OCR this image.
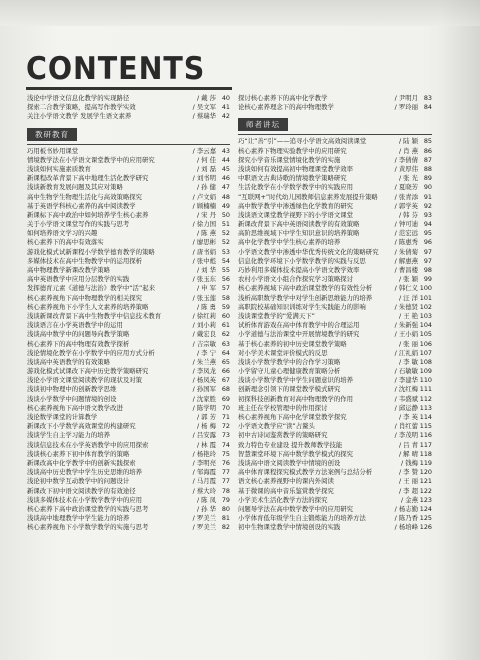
CONTENTS
浅论中学语文信息化教学的实现路径	/ 戴 莎 40
探索二合教学策略，提高写作教学实效	/ 吴文军 41
关注小学语文教学 发展学生语文素养	/ 蔡瑞华 42
教研教育
巧用板书妙用课堂	/ 李云嘉 43
情境教学法在小学语文课堂教学中的应用研究	/ 何 佳 44
浅谈如何实施素质教育	/ 刘 磊 45
新课程改革背景下高中地理生活化教学研究	/ 刘书明 46
浅谈新教育发展问题及其应对策略	/ 孙 健 47
高中生物学生物理生活化与高效策略探究	/ 卢文娟 48
基于英语学科核心素养的高中阅读教学	/ 顾楠楠 49
新课标下高中政治中如何培养学生核心素养	/ 宋 丹 50
关于小学语文课堂写作的实践与思考	/ 徐力国 51
如何培养语文学习的兴趣	/ 陈 燕 52
核心素养下的高中有效落实	/ 廖思彬 52
游戏化模式试新课程小学数学德育教学的策略	/ 唐书娟 53
多媒体技术在高中生物教学中的运用探析	/ 张中彪 54
高中物理教学新课改教学策略	/ 刘 华 55
高中英语教学中应用分层教学的实践	/ 张玉东 56
发挥德育元素《道德与法治》教学中“活”起来	/ 申 军 57
核心素养视角下高中物理教学的相关探究	/ 张玉莲 58
核心素养视角下小学生人文素养的培养策略	/ 陈 勇 59
浅谈新课改背景下高中生物教学中信息技术教育	/ 徐红莉 60
浅谈语言在小学英语教学中的运用	/ 刘小莉 61
浅谈高中数学中的问题导向教学策略	/ 戴宏良 62
核心素养下的高中物理有效教学探析	/ 吉宗敏 63
浅论情境化教学在小学数学中的应用方式分析	/ 李 宁 64
浅谈高中英语教学的有效策略	/ 朱兰燕 65
游戏化模式试课改下高中历史教学策略研究	/ 李凤龙 66
浅论小学语文课堂阅读教学的现状及对策	/ 杨凤英 67
浅谈初中物理中的创新教学思维	/ 孙国军 68
浅谈小学数学中问题情境的创设	/ 沈家胜 69
核心素养视角下高中语文教学改进	/ 陈学明 70
浅论数学课堂的计算教学	/ 郭 芳 71
新课改下小学数学高效课堂的构建研究	/ 杨 梅 72
浅谈学生自主学习能力的培养	/ 吕安露 73
浅谈信息技术在小学英语教学中的应用探索	/ 林 霞 74
浅谈核心素养下初中体育教学的策略	/ 杨艳玲 75
新课改高中化学教学中的创新实践探索	/ 李明亮 76
浅谈高中历史教学中学生历史思维的培养	/ 邹海霞 77
浅论初中数学互动教学中的问题设计	/ 马月霞 77
新课改下初中语文阅读教学的有效途径	/ 蔡大玲 78
浅谈多媒体技术在小学数学教学中的应用	/ 陈 凤 79
核心素养下高中政治课堂教学的实践与思考	/ 孙 华 80
浅谈高中地理教学中学生能力的培养	/ 罗美兰 81
核心素养视角下小学数学教学的实施与思考	/ 罗美兰 82
探讨核心素养下的高中化学教学	/ 尹明月 83
论核心素养理念下的高中物理教学	/ 罗玲丽 84
师者讲坛
巧“让”善“引”——追寻小学语文高效阅读课堂	/ 陆 颖 85
核心素养下物理实验教学中的应用研究	/ 肖 燕 86
探究小学音乐课堂情境化教学的实施	/ 李倩倩 87
浅谈如何有效提高初中物理课堂教学效率	/ 黄厚伟 88
中职语文古典诗歌的情境教学策略研究	/ 张 光 89
生活化教学在小学数学教学中的实践应用	/ 夏晓芳 90
“互联网+”时代幼儿园教师信息素养发展提升策略	/ 张青添 91
高中数学教学中渗透绿色化学教育的研究	/ 郭学英 92
浅谈语文课堂教学视野下的小学语文课堂	/ 韩 芬 93
新课改背景下高中英语阅读教学的有效策略	/ 钟可迪 94
高阶思维视域下中学生知识意识的培养策略	/ 范宏远 95
高中化学教学中学生核心素养的培养	/ 陈惠秀 96
小学语文教学中渗透中华优秀传统文化的策略研究	/ 朱倩菊 97
信息化教学环境下小学数学教学的实践与反思	/ 解惠燕 97
巧妙利用多媒体技术提高小学语文教学效率	/ 曹昌楼 98
农村小学语文小组合作探究学习策略探讨	/ 张 颖 99
核心素养视域下高中政治课堂教学的有效性分析	/ 韩仁义 100
浅析高职数学教学中对学生创新思维能力的培养	/ 汪 洋 101
高职院校基础知识训练对学生实践能力的影响	/ 朱德贤 102
浅谈课堂教学的“爱满天下”	/ 王 艳 103
试析体育游戏在高中体育教学中的合理运用	/ 朱新强 104
小学道德与法治课堂中开展情境教学的研究	/ 王小娟 105
基于核心素养的初中历史课堂教学策略	/ 张 丽 106
对小学美术课堂评价模式的反思	/ 江礼娟 107
浅谈小学数学教学中的合作学习策略	/ 李 敏 108
小学留守儿童心理健康教育策略分析	/ 石敏敏 109
浅谈小学数学教学中学生问题意识的培养	/ 李建华 110
创新理念引领下的课堂教学模式研究	/ 沈红梅 111
初探科技创新教育对高中物理教学的作用	/ 韦盛斌 112
班主任在学校管理中的作用探讨	/ 邱运静 113
核心素养视角下高中化学课堂教学探究	/ 李 英 114
小学语文教学应“读”占鳌头	/ 肖红蕾 115
初中古诗词鉴赏教学的策略研究	/ 李茂明 116
致力特色专业建设 提升教师教学技能	/ 吕 青 117
智慧课堂环境下高中数学教学模式的探究	/ 解 晴 118
浅谈高中语文阅读教学中情境的创设	/ 钱梅 119
高中体育课程探究模式教学方法案例与总结分析	/ 李 赞 120
语文核心素养视野中的课内外阅读	/ 王 丽 121
基于微课的高中音乐鉴赏教学探究	/ 李 超 122
小学美术生活化教学方法的探究	/ 金燕 123
问题导学法在高中数学教学中的应用研究	/ 杨志勤 124
小学体育低年级学生自主锻炼能力的培养方法	/ 陈乃香 125
初中生物课堂教学中情境创设的实践	/ 杨培峰 126
